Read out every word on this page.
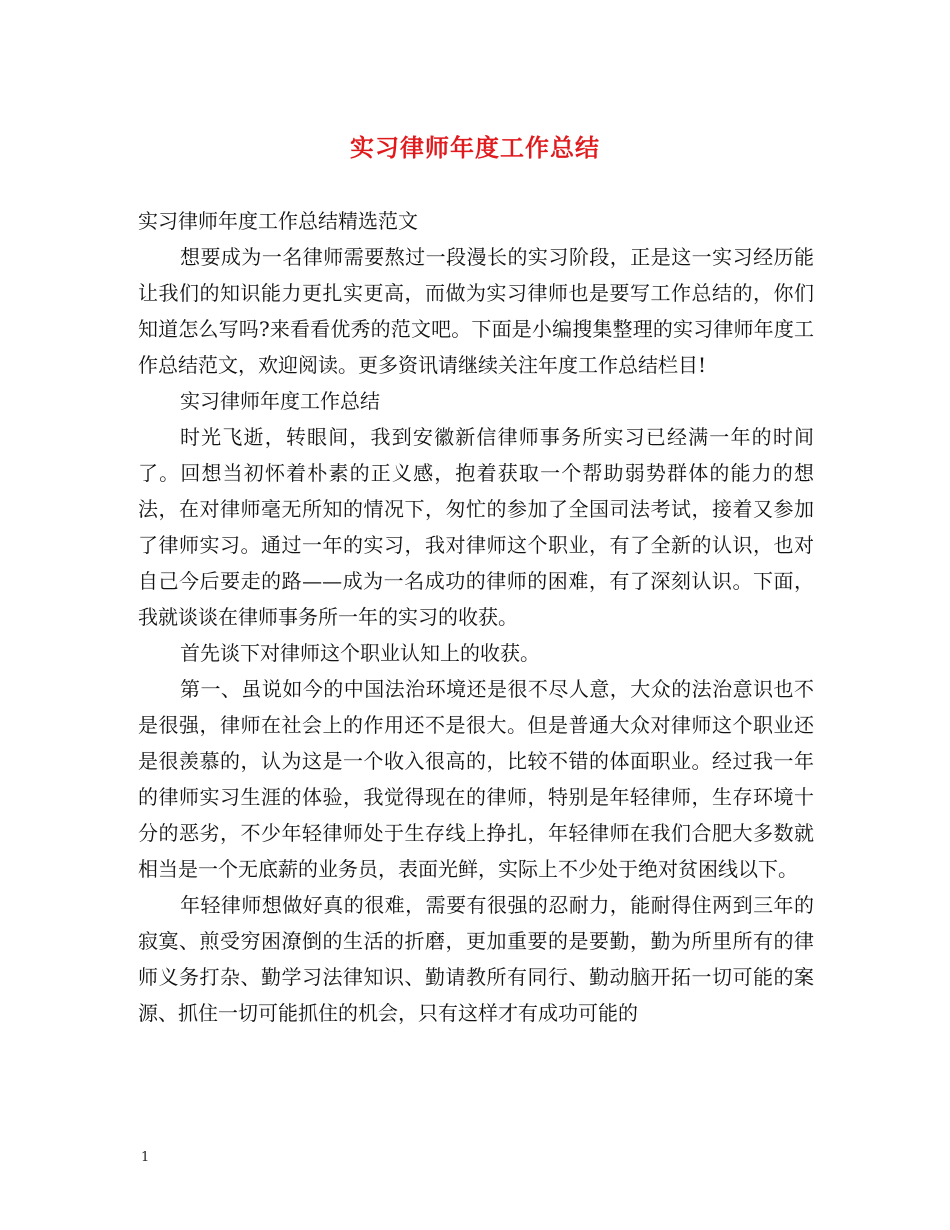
实习律师年度工作总结

实习律师年度工作总结精选范文

想要成为一名律师需要熬过一段漫长的实习阶段，正是这一实习经历能让我们的知识能力更扎实更高，而做为实习律师也是要写工作总结的，你们知道怎么写吗?来看看优秀的范文吧。下面是小编搜集整理的实习律师年度工作总结范文，欢迎阅读。更多资讯请继续关注年度工作总结栏目!

实习律师年度工作总结

时光飞逝，转眼间，我到安徽新信律师事务所实习已经满一年的时间了。回想当初怀着朴素的正义感，抱着获取一个帮助弱势群体的能力的想法，在对律师毫无所知的情况下，匆忙的参加了全国司法考试，接着又参加了律师实习。通过一年的实习，我对律师这个职业，有了全新的认识，也对自己今后要走的路——成为一名成功的律师的困难，有了深刻认识。下面，我就谈谈在律师事务所一年的实习的收获。

首先谈下对律师这个职业认知上的收获。

第一、虽说如今的中国法治环境还是很不尽人意，大众的法治意识也不是很强，律师在社会上的作用还不是很大。但是普通大众对律师这个职业还是很羡慕的，认为这是一个收入很高的，比较不错的体面职业。经过我一年的律师实习生涯的体验，我觉得现在的律师，特别是年轻律师，生存环境十分的恶劣，不少年轻律师处于生存线上挣扎，年轻律师在我们合肥大多数就相当是一个无底薪的业务员，表面光鲜，实际上不少处于绝对贫困线以下。

年轻律师想做好真的很难，需要有很强的忍耐力，能耐得住两到三年的寂寞、煎受穷困潦倒的生活的折磨，更加重要的是要勤，勤为所里所有的律师义务打杂、勤学习法律知识、勤请教所有同行、勤动脑开拓一切可能的案源、抓住一切可能抓住的机会，只有这样才有成功可能的

1
